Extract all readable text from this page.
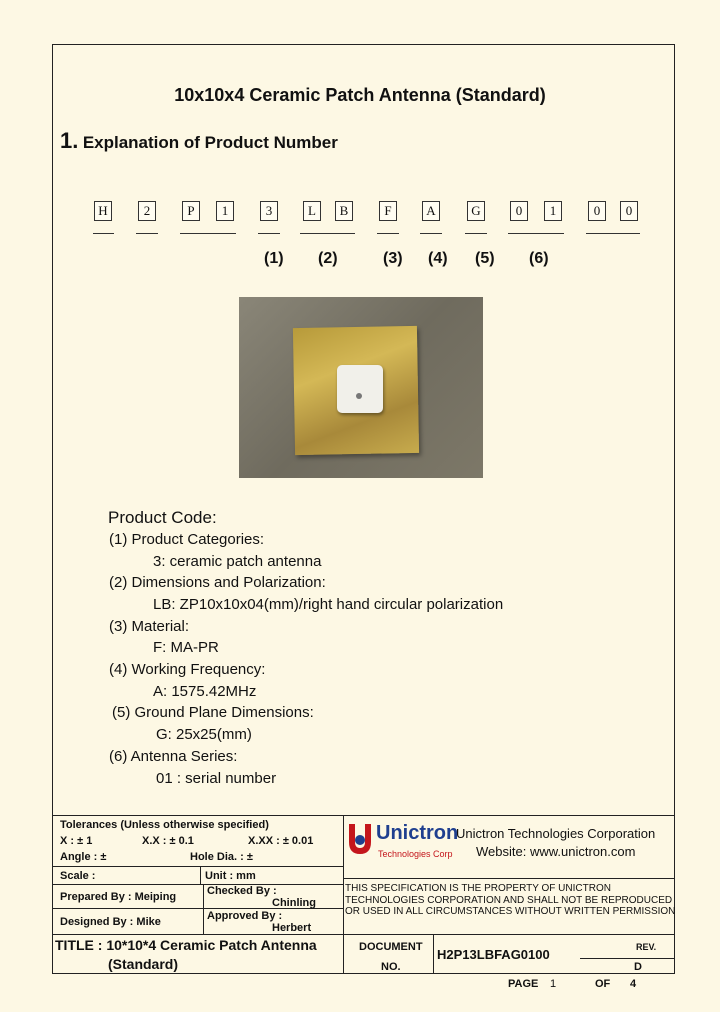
10x10x4 Ceramic Patch Antenna (Standard)
1. Explanation of Product Number
H	2	P	1	3	L	B	F	A	G	0	1	0	0
(1) (2)	(3) (4) (5) (6)
Product Code:
(1) Product Categories:
3: ceramic patch antenna
(2) Dimensions and Polarization:
LB: ZP10x10x04(mm)/right hand circular polarization
(3) Material:
F: MA-PR
(4) Working Frequency:
A: 1575.42MHz
(5) Ground Plane Dimensions:
G: 25x25(mm)
(6) Antenna Series:
01 : serial number
Tolerances (Unless otherwise specified)
X : ± 1	X.X : ± 0.1	X.XX : ± 0.01
Angle : ±	Hole Dia. : ±
Scale :	Unit : mm
Prepared By : Meiping	Checked By :
Chinling
Designed By : Mike	Approved By :
Herbert
Unictron
Technologies Corp
Unictron Technologies Corporation
Website: www.unictron.com
THIS SPECIFICATION IS THE PROPERTY OF UNICTRON
TECHNOLOGIES CORPORATION AND SHALL NOT BE REPRODUCED
OR USED IN ALL CIRCUMSTANCES WITHOUT WRITTEN PERMISSION
TITLE : 10*10*4 Ceramic Patch Antenna
(Standard)
DOCUMENT
NO.
H2P13LBFAG0100	REV.
D
PAGE 1	OF 4
